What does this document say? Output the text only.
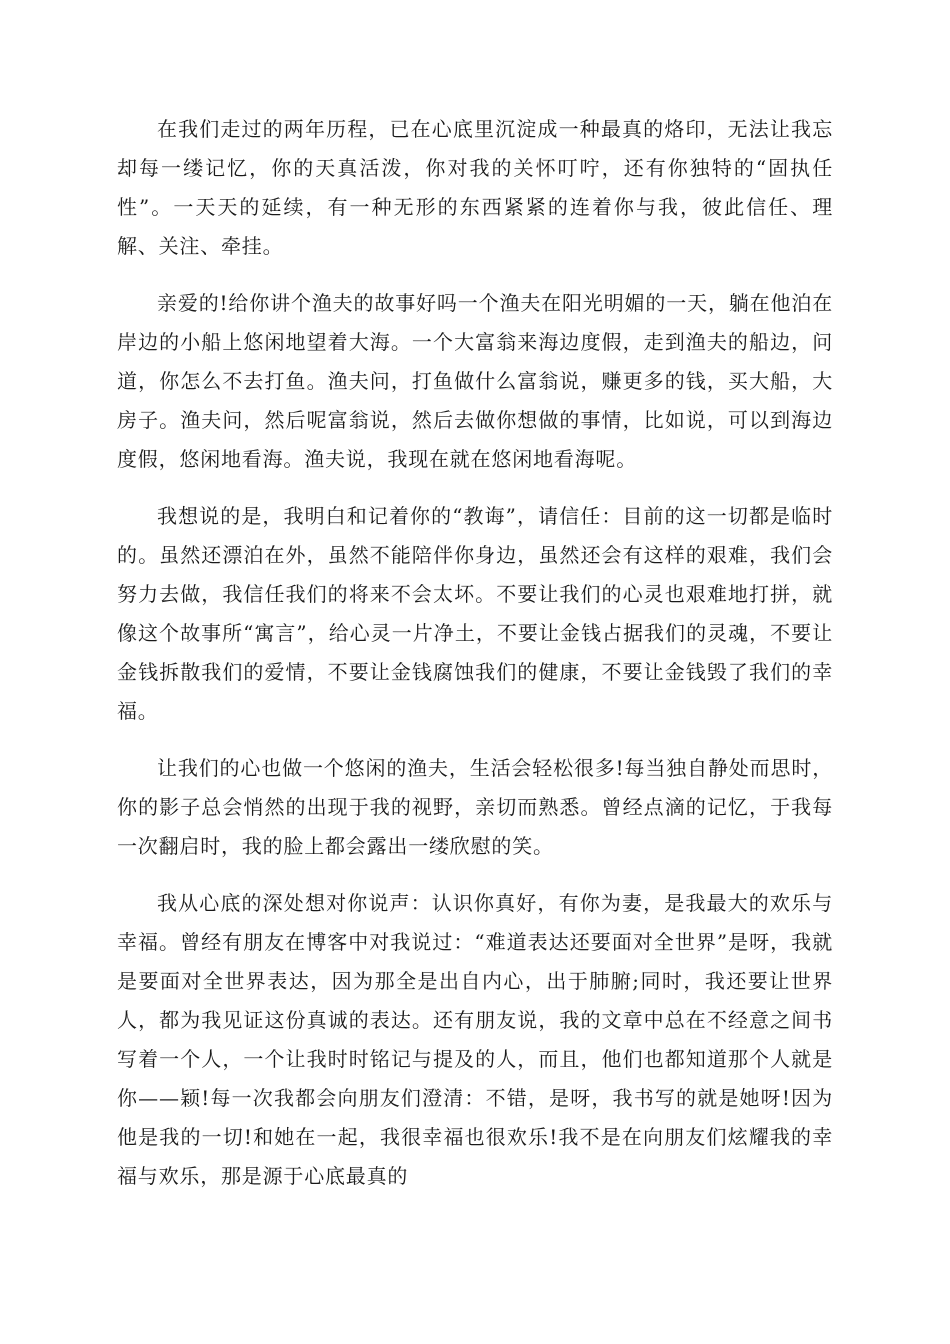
在我们走过的两年历程，已在心底里沉淀成一种最真的烙印，无法让我忘却每一缕记忆，你的天真活泼，你对我的关怀叮咛，还有你独特的“固执任性”。一天天的延续，有一种无形的东西紧紧的连着你与我，彼此信任、理解、关注、牵挂。

亲爱的!给你讲个渔夫的故事好吗一个渔夫在阳光明媚的一天，躺在他泊在岸边的小船上悠闲地望着大海。一个大富翁来海边度假，走到渔夫的船边，问道，你怎么不去打鱼。渔夫问，打鱼做什么富翁说，赚更多的钱，买大船，大房子。渔夫问，然后呢富翁说，然后去做你想做的事情，比如说，可以到海边度假，悠闲地看海。渔夫说，我现在就在悠闲地看海呢。

我想说的是，我明白和记着你的“教诲”，请信任：目前的这一切都是临时的。虽然还漂泊在外，虽然不能陪伴你身边，虽然还会有这样的艰难，我们会努力去做，我信任我们的将来不会太坏。不要让我们的心灵也艰难地打拼，就像这个故事所“寓言”，给心灵一片净土，不要让金钱占据我们的灵魂，不要让金钱拆散我们的爱情，不要让金钱腐蚀我们的健康，不要让金钱毁了我们的幸福。

让我们的心也做一个悠闲的渔夫，生活会轻松很多!每当独自静处而思时，你的影子总会悄然的出现于我的视野，亲切而熟悉。曾经点滴的记忆，于我每一次翻启时，我的脸上都会露出一缕欣慰的笑。

我从心底的深处想对你说声：认识你真好，有你为妻，是我最大的欢乐与幸福。曾经有朋友在博客中对我说过：“难道表达还要面对全世界”是呀，我就是要面对全世界表达，因为那全是出自内心，出于肺腑;同时，我还要让世界人，都为我见证这份真诚的表达。还有朋友说，我的文章中总在不经意之间书写着一个人，一个让我时时铭记与提及的人，而且，他们也都知道那个人就是你——颖!每一次我都会向朋友们澄清：不错，是呀，我书写的就是她呀!因为他是我的一切!和她在一起，我很幸福也很欢乐!我不是在向朋友们炫耀我的幸福与欢乐，那是源于心底最真的
